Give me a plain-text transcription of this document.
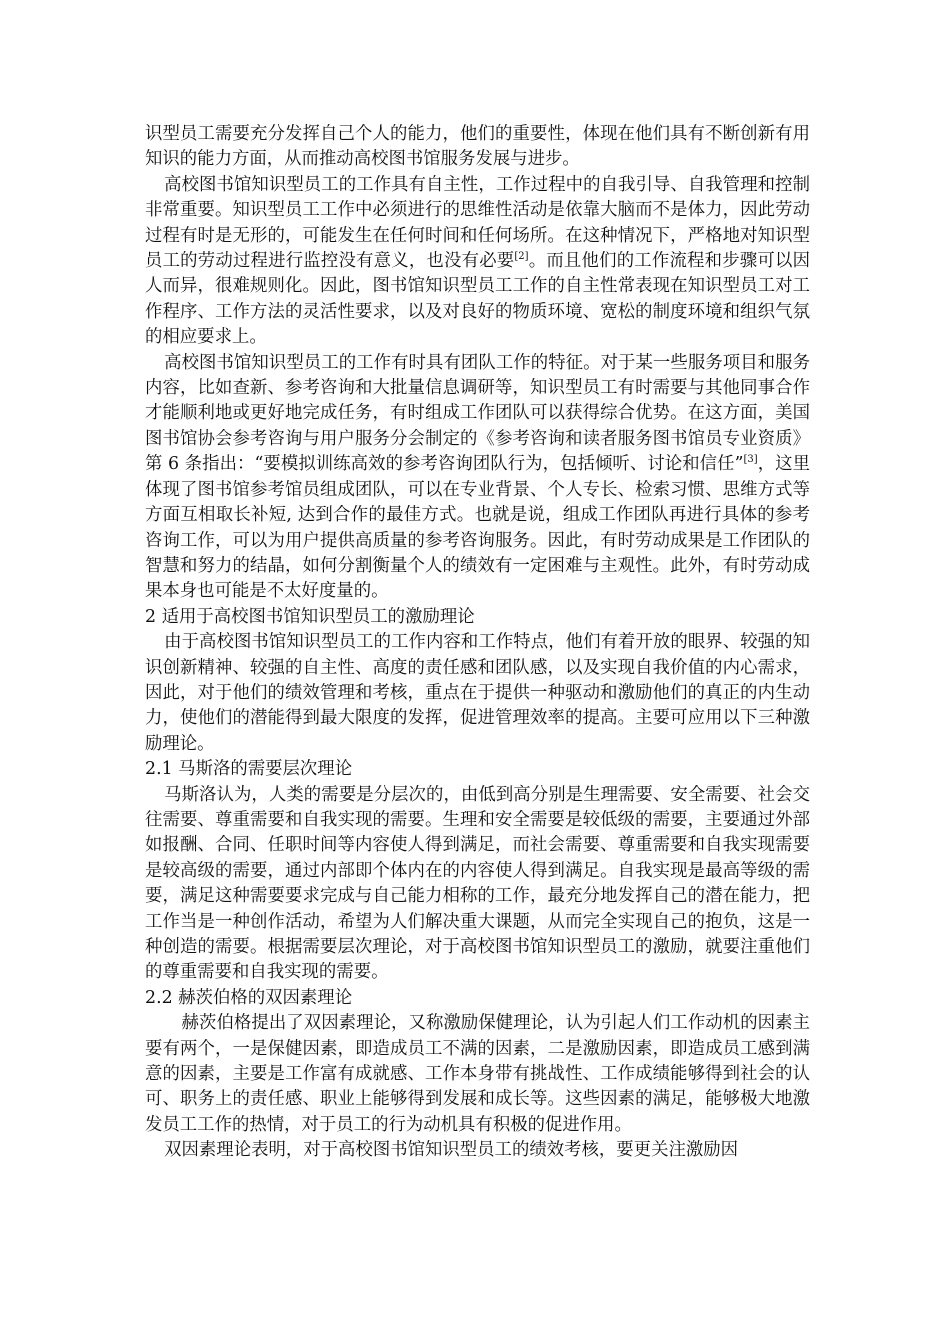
识型员工需要充分发挥自己个人的能力，他们的重要性，体现在他们具有不断创新有用知识的能力方面，从而推动高校图书馆服务发展与进步。

高校图书馆知识型员工的工作具有自主性，工作过程中的自我引导、自我管理和控制非常重要。知识型员工工作中必须进行的思维性活动是依靠大脑而不是体力，因此劳动过程有时是无形的，可能发生在任何时间和任何场所。在这种情况下，严格地对知识型员工的劳动过程进行监控没有意义，也没有必要[2]。而且他们的工作流程和步骤可以因人而异，很难规则化。因此，图书馆知识型员工工作的自主性常表现在知识型员工对工作程序、工作方法的灵活性要求，以及对良好的物质环境、宽松的制度环境和组织气氛的相应要求上。

高校图书馆知识型员工的工作有时具有团队工作的特征。对于某一些服务项目和服务内容，比如查新、参考咨询和大批量信息调研等，知识型员工有时需要与其他同事合作才能顺利地或更好地完成任务，有时组成工作团队可以获得综合优势。在这方面，美国图书馆协会参考咨询与用户服务分会制定的《参考咨询和读者服务图书馆员专业资质》第 6 条指出：“要模拟训练高效的参考咨询团队行为，包括倾听、讨论和信任”[3]，这里体现了图书馆参考馆员组成团队，可以在专业背景、个人专长、检索习惯、思维方式等方面互相取长补短, 达到合作的最佳方式。也就是说，组成工作团队再进行具体的参考咨询工作，可以为用户提供高质量的参考咨询服务。因此，有时劳动成果是工作团队的智慧和努力的结晶，如何分割衡量个人的绩效有一定困难与主观性。此外，有时劳动成果本身也可能是不太好度量的。

2 适用于高校图书馆知识型员工的激励理论

由于高校图书馆知识型员工的工作内容和工作特点，他们有着开放的眼界、较强的知识创新精神、较强的自主性、高度的责任感和团队感，以及实现自我价值的内心需求，因此，对于他们的绩效管理和考核，重点在于提供一种驱动和激励他们的真正的内生动力，使他们的潜能得到最大限度的发挥，促进管理效率的提高。主要可应用以下三种激励理论。

2.1 马斯洛的需要层次理论

马斯洛认为，人类的需要是分层次的，由低到高分别是生理需要、安全需要、社会交往需要、尊重需要和自我实现的需要。生理和安全需要是较低级的需要，主要通过外部如报酬、合同、任职时间等内容使人得到满足，而社会需要、尊重需要和自我实现需要是较高级的需要，通过内部即个体内在的内容使人得到满足。自我实现是最高等级的需要，满足这种需要要求完成与自己能力相称的工作，最充分地发挥自己的潜在能力，把工作当是一种创作活动，希望为人们解决重大课题，从而完全实现自己的抱负，这是一种创造的需要。根据需要层次理论，对于高校图书馆知识型员工的激励，就要注重他们的尊重需要和自我实现的需要。

2.2 赫茨伯格的双因素理论

赫茨伯格提出了双因素理论，又称激励保健理论，认为引起人们工作动机的因素主要有两个，一是保健因素，即造成员工不满的因素，二是激励因素，即造成员工感到满意的因素，主要是工作富有成就感、工作本身带有挑战性、工作成绩能够得到社会的认可、职务上的责任感、职业上能够得到发展和成长等。这些因素的满足，能够极大地激发员工工作的热情，对于员工的行为动机具有积极的促进作用。

双因素理论表明，对于高校图书馆知识型员工的绩效考核，要更关注激励因
